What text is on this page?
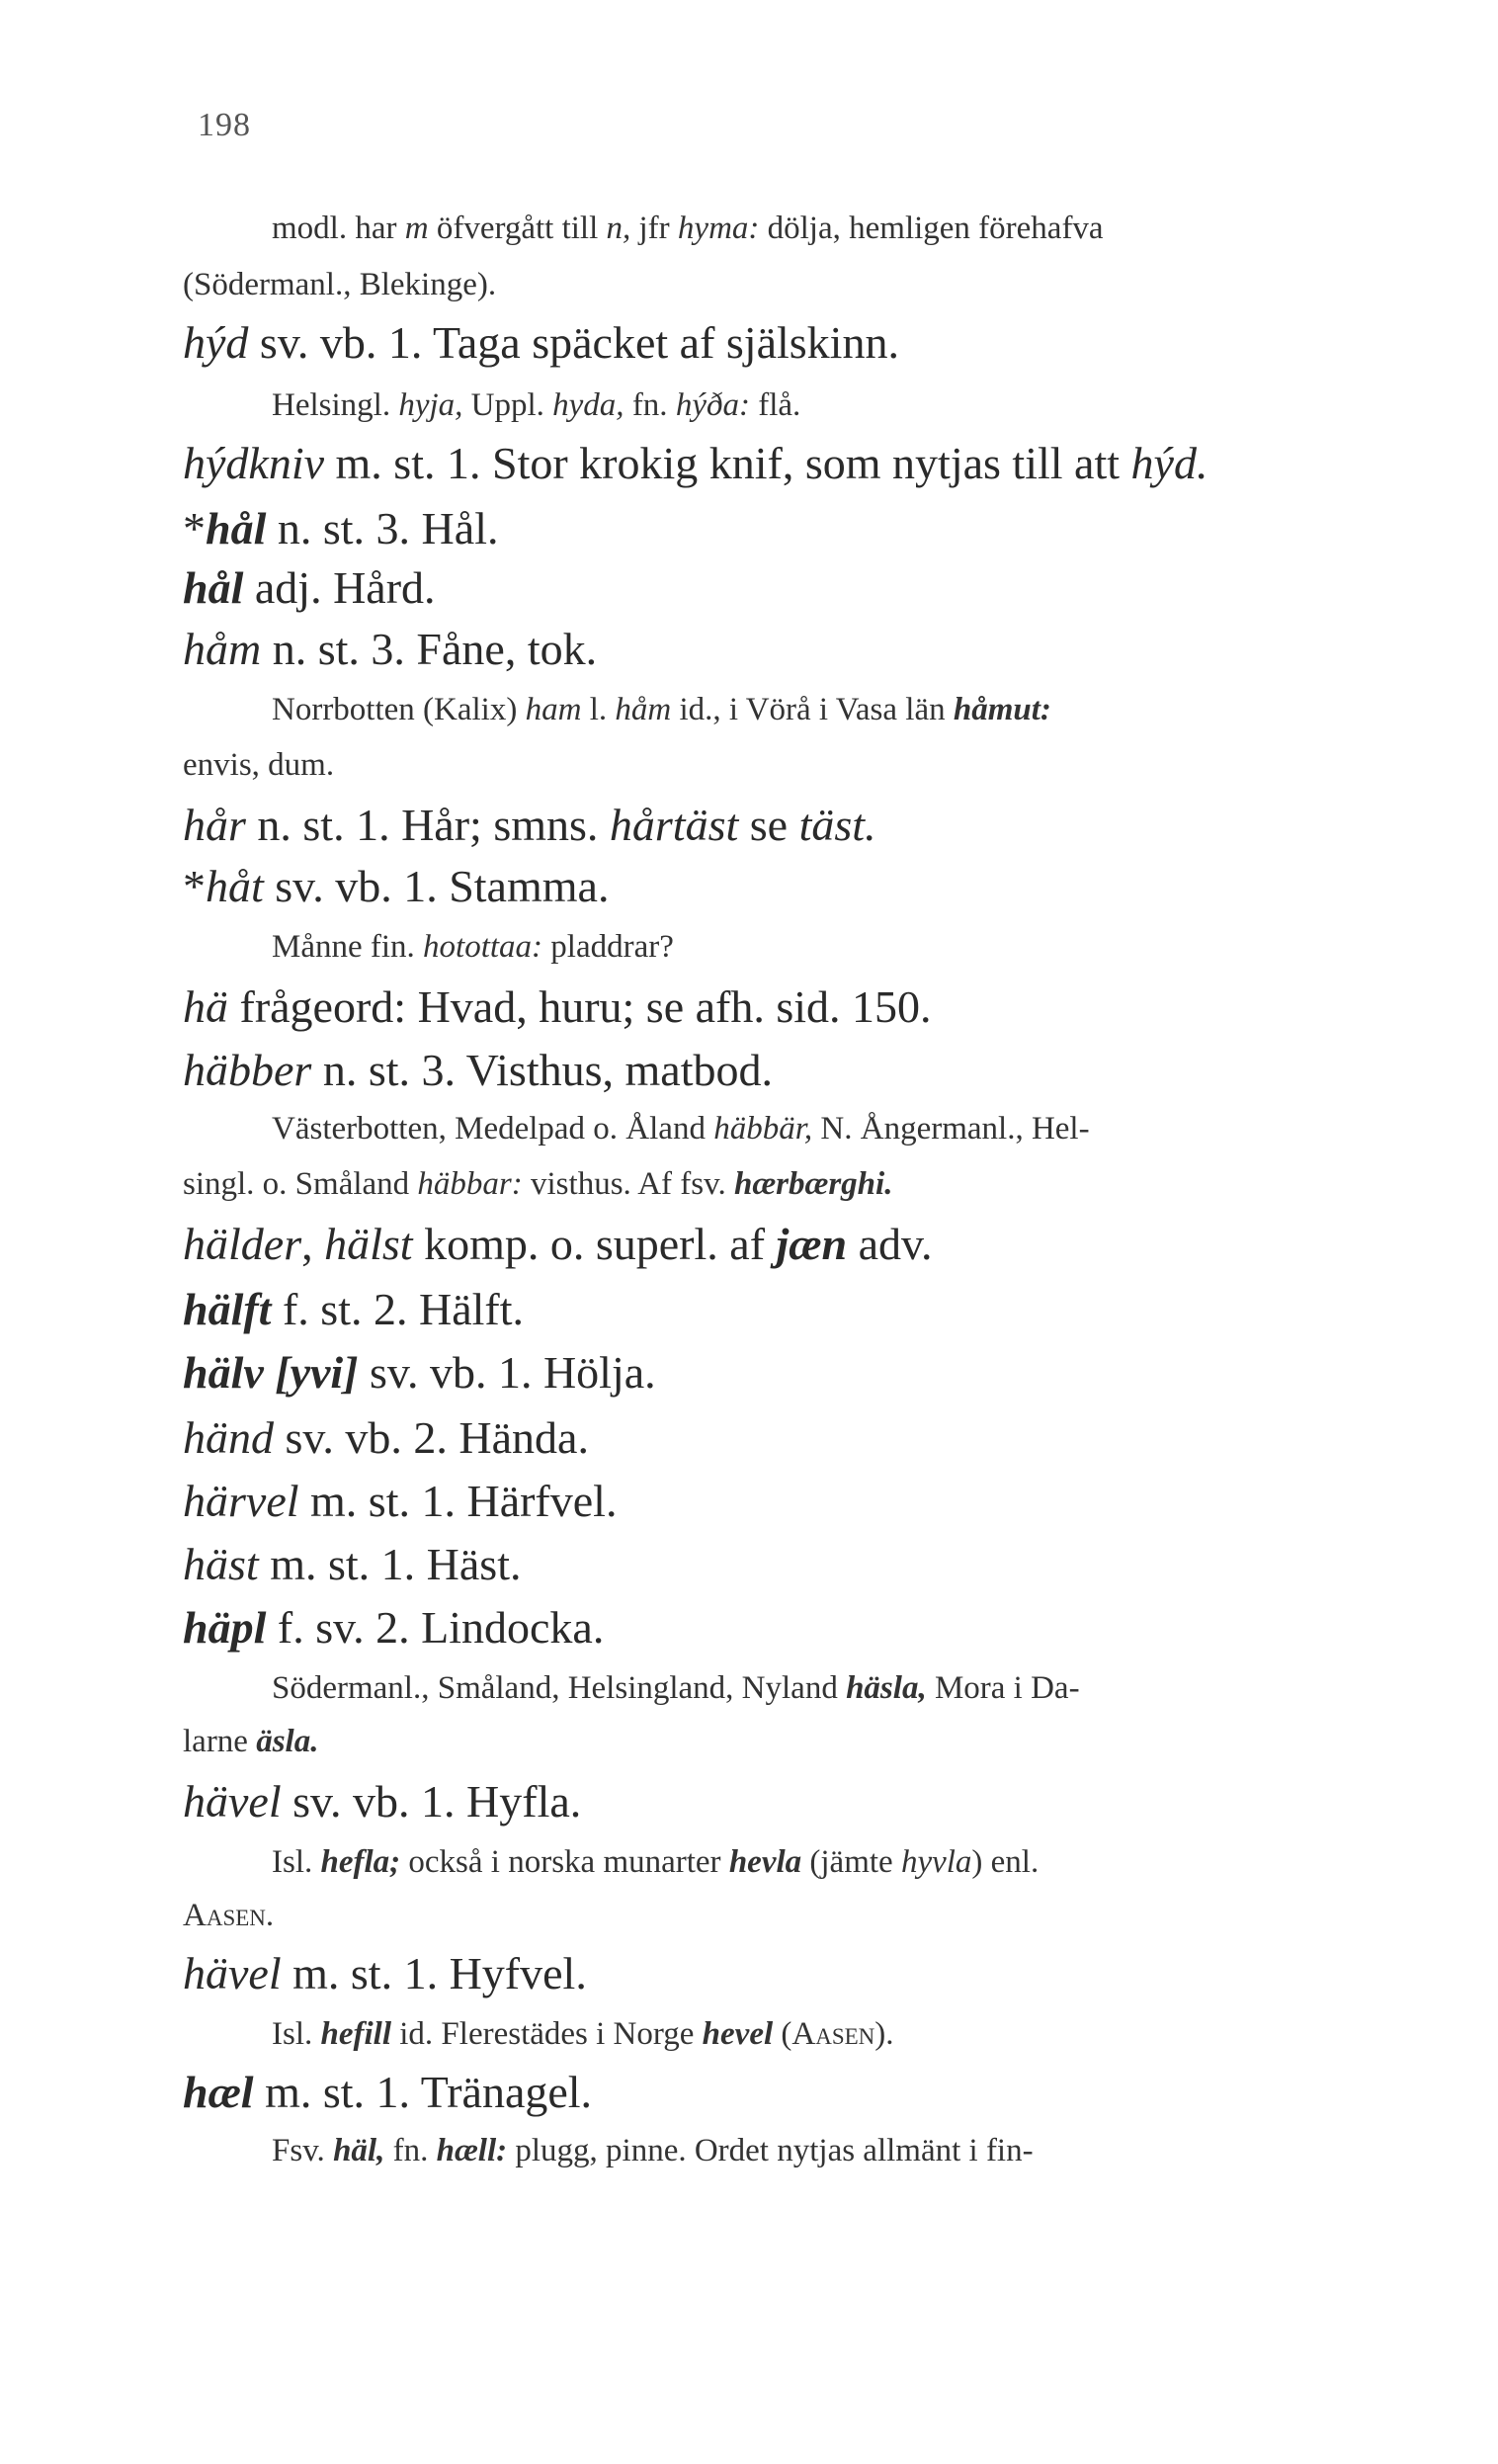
198
modl. har m öfvergått till n, jfr hyma: dölja, hemligen förehafva
(Södermanl., Blekinge).
hýd sv. vb. 1. Taga späcket af själskinn.
Helsingl. hyja, Uppl. hyda, fn. hýða: flå.
hýdkniv m. st. 1. Stor krokig knif, som nytjas till att hýd.
*hål n. st. 3. Hål.
hål adj. Hård.
håm n. st. 3. Fåne, tok.
Norrbotten (Kalix) ham l. håm id., i Vörå i Vasa län håmut:
envis, dum.
hår n. st. 1. Hår; smns. hårtäst se täst.
*håt sv. vb. 1. Stamma.
Månne fin. hotottaa: pladdrar?
hä frågeord: Hvad, huru; se afh. sid. 150.
häbber n. st. 3. Visthus, matbod.
Västerbotten, Medelpad o. Åland häbbär, N. Ångermanl., Hel-
singl. o. Småland häbbar: visthus. Af fsv. hærbærghi.
hälder, hälst komp. o. superl. af jæn adv.
hälft f. st. 2. Hälft.
hälv [yvi] sv. vb. 1. Hölja.
händ sv. vb. 2. Hända.
härvel m. st. 1. Härfvel.
häst m. st. 1. Häst.
häpl f. sv. 2. Lindocka.
Södermanl., Småland, Helsingland, Nyland häsla, Mora i Da-
larne äsla.
hävel sv. vb. 1. Hyfla.
Isl. hefla; också i norska munarter hevla (jämte hyvla) enl.
Aasen.
hävel m. st. 1. Hyfvel.
Isl. hefill id. Flerestädes i Norge hevel (Aasen).
hæl m. st. 1. Tränagel.
Fsv. häl, fn. hæll: plugg, pinne. Ordet nytjas allmänt i fin-
